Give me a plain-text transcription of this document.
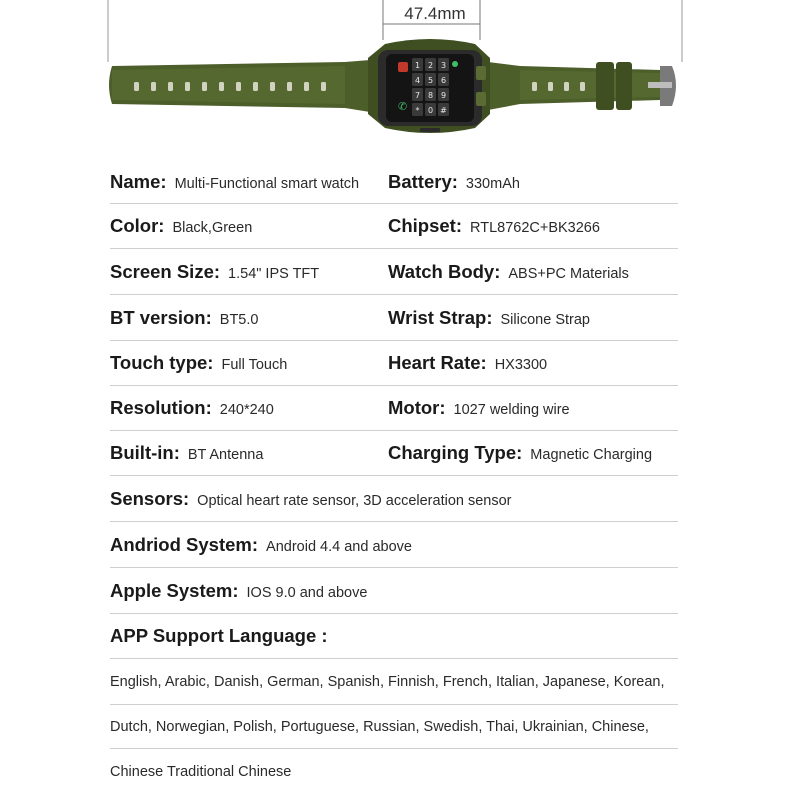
✆
1 2 3
4 5 6
7 8 9
* 0 #
47.4mm
Name: Multi-Functional smart watch Battery: 330mAh
Color: Black,Green	Chipset: RTL8762C+BK3266
Screen Size: 1.54" IPS TFT	Watch Body: ABS+PC Materials
BT version: BT5.0	Wrist Strap: Silicone Strap
Touch type: Full Touch	Heart Rate: HX3300
Resolution: 240*240	Motor: 1027 welding wire
Built-in: BT Antenna	Charging Type: Magnetic Charging
Sensors: Optical heart rate sensor, 3D acceleration sensor
Andriod System: Android 4.4 and above
Apple System: IOS 9.0 and above
APP Support Language :
English, Arabic, Danish, German, Spanish, Finnish, French, Italian, Japanese, Korean,
Dutch, Norwegian, Polish, Portuguese, Russian, Swedish, Thai, Ukrainian, Chinese,
Chinese Traditional Chinese
